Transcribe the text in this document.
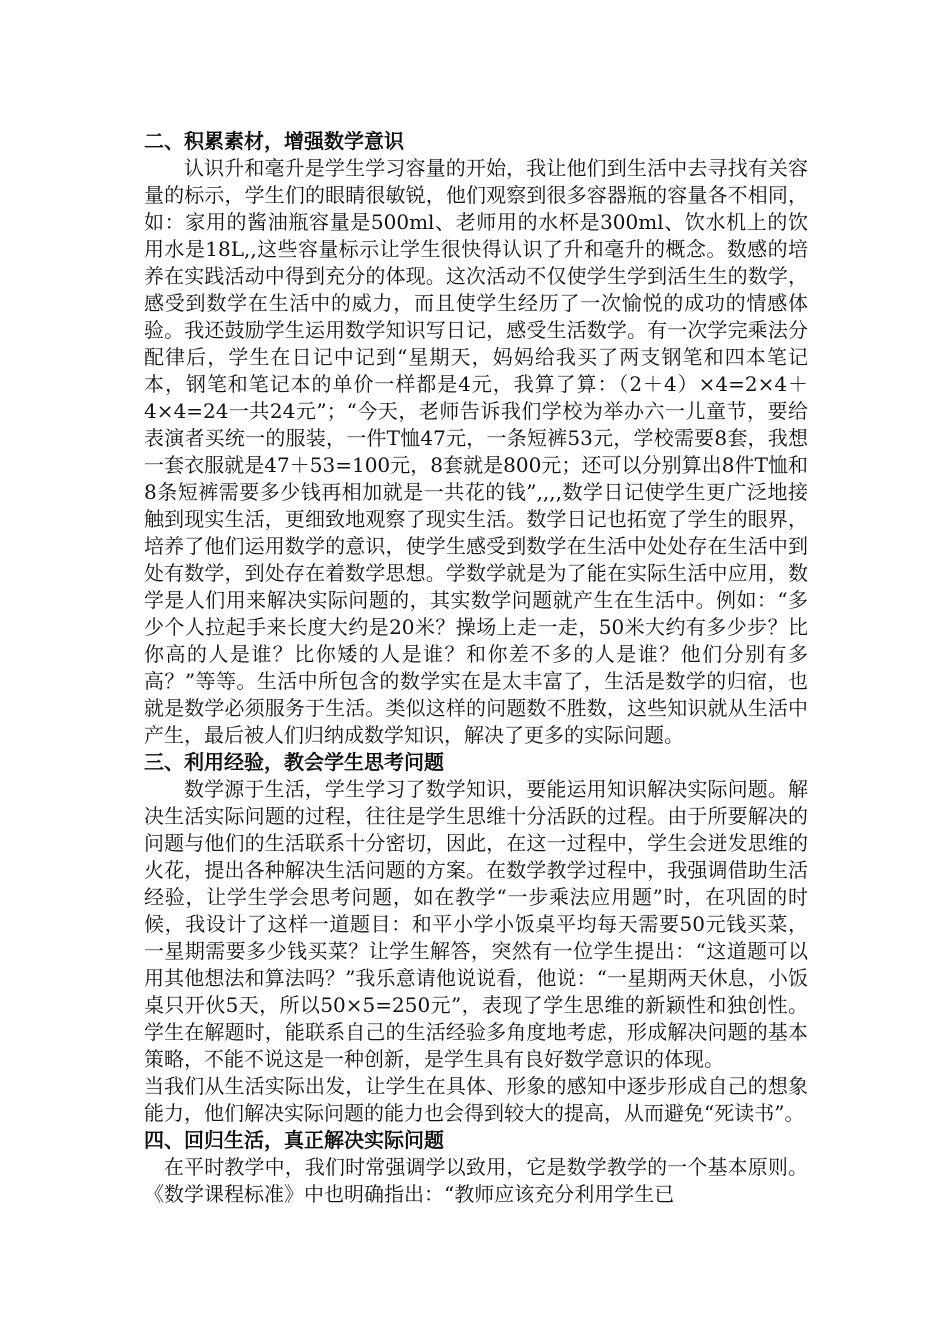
二、积累素材，增强数学意识

认识升和毫升是学生学习容量的开始，我让他们到生活中去寻找有关容量的标示，学生们的眼睛很敏锐，他们观察到很多容器瓶的容量各不相同，如：家用的酱油瓶容量是500ml、老师用的水杯是300ml、饮水机上的饮用水是18L,,这些容量标示让学生很快得认识了升和毫升的概念。数感的培养在实践活动中得到充分的体现。这次活动不仅使学生学到活生生的数学，感受到数学在生活中的威力，而且使学生经历了一次愉悦的成功的情感体验。我还鼓励学生运用数学知识写日记，感受生活数学。有一次学完乘法分配律后，学生在日记中记到“星期天，妈妈给我买了两支钢笔和四本笔记本，钢笔和笔记本的单价一样都是4元，我算了算：（2＋4）×4=2×4＋4×4=24一共24元”；“今天，老师告诉我们学校为举办六一儿童节，要给表演者买统一的服装，一件T恤47元，一条短裤53元，学校需要8套，我想一套衣服就是47＋53=100元，8套就是800元；还可以分别算出8件T恤和8条短裤需要多少钱再相加就是一共花的钱”,,,,数学日记使学生更广泛地接触到现实生活，更细致地观察了现实生活。数学日记也拓宽了学生的眼界，培养了他们运用数学的意识，使学生感受到数学在生活中处处存在生活中到处有数学，到处存在着数学思想。学数学就是为了能在实际生活中应用，数学是人们用来解决实际问题的，其实数学问题就产生在生活中。例如：“多少个人拉起手来长度大约是20米？操场上走一走，50米大约有多少步？比你高的人是谁？比你矮的人是谁？和你差不多的人是谁？他们分别有多高？”等等。生活中所包含的数学实在是太丰富了，生活是数学的归宿，也就是数学必须服务于生活。类似这样的问题数不胜数，这些知识就从生活中产生，最后被人们归纳成数学知识，解决了更多的实际问题。

三、利用经验，教会学生思考问题

数学源于生活，学生学习了数学知识，要能运用知识解决实际问题。解决生活实际问题的过程，往往是学生思维十分活跃的过程。由于所要解决的问题与他们的生活联系十分密切，因此，在这一过程中，学生会迸发思维的火花，提出各种解决生活问题的方案。在数学教学过程中，我强调借助生活经验，让学生学会思考问题，如在教学“一步乘法应用题”时，在巩固的时候，我设计了这样一道题目：和平小学小饭桌平均每天需要50元钱买菜，一星期需要多少钱买菜？让学生解答，突然有一位学生提出：“这道题可以用其他想法和算法吗？”我乐意请他说说看，他说：“一星期两天休息，小饭桌只开伙5天，所以50×5=250元”，表现了学生思维的新颖性和独创性。学生在解题时，能联系自己的生活经验多角度地考虑，形成解决问题的基本策略，不能不说这是一种创新，是学生具有良好数学意识的体现。

当我们从生活实际出发，让学生在具体、形象的感知中逐步形成自己的想象能力，他们解决实际问题的能力也会得到较大的提高，从而避免“死读书”。

四、回归生活，真正解决实际问题

在平时教学中，我们时常强调学以致用，它是数学教学的一个基本原则。《数学课程标准》中也明确指出：“教师应该充分利用学生已
